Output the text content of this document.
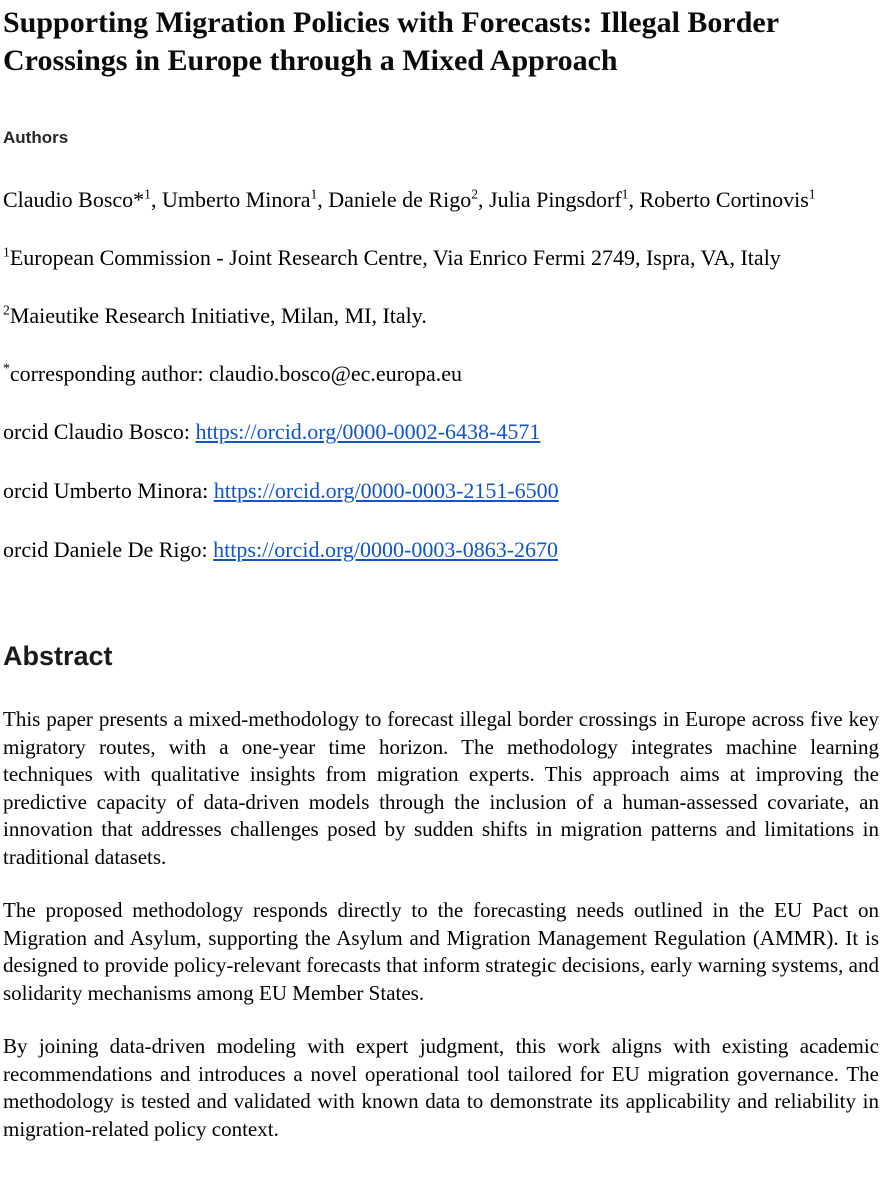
Supporting Migration Policies with Forecasts: Illegal Border Crossings in Europe through a Mixed Approach
Authors

Claudio Bosco*$^1$, Umberto Minora$^1$, Daniele de Rigo$^2$, Julia Pingsdorf$^1$, Roberto Cortinovis$^1$

$^1$European Commission - Joint Research Centre, Via Enrico Fermi 2749, Ispra, VA, Italy

$^2$Maieutike Research Initiative, Milan, MI, Italy.

*corresponding author: claudio.bosco@ec.europa.eu

orcid Claudio Bosco: https://orcid.org/0000-0002-6438-4571

orcid Umberto Minora: https://orcid.org/0000-0003-2151-6500

orcid Daniele De Rigo: https://orcid.org/0000-0003-0863-2670

Abstract

This paper presents a mixed-methodology to forecast illegal border crossings in Europe across five key migratory routes, with a one-year time horizon. The methodology integrates machine learning techniques with qualitative insights from migration experts. This approach aims at improving the predictive capacity of data-driven models through the inclusion of a human-assessed covariate, an innovation that addresses challenges posed by sudden shifts in migration patterns and limitations in traditional datasets.

The proposed methodology responds directly to the forecasting needs outlined in the EU Pact on Migration and Asylum, supporting the Asylum and Migration Management Regulation (AMMR). It is designed to provide policy-relevant forecasts that inform strategic decisions, early warning systems, and solidarity mechanisms among EU Member States.

By joining data-driven modeling with expert judgment, this work aligns with existing academic recommendations and introduces a novel operational tool tailored for EU migration governance. The methodology is tested and validated with known data to demonstrate its applicability and reliability in migration-related policy context.
